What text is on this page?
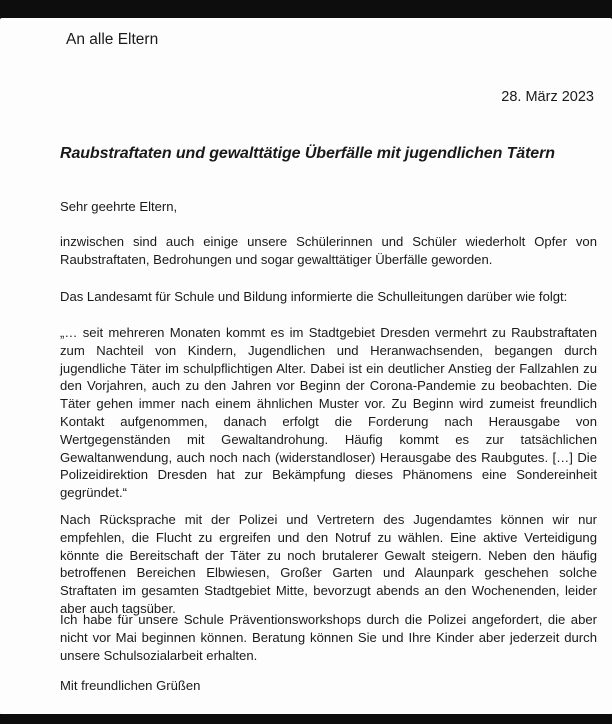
An alle Eltern
28. März 2023
Raubstraftaten und gewalttätige Überfälle mit jugendlichen Tätern

Sehr geehrte Eltern,

inzwischen sind auch einige unsere Schülerinnen und Schüler wiederholt Opfer von Raubstraftaten, Bedrohungen und sogar gewalttätiger Überfälle geworden.

Das Landesamt für Schule und Bildung informierte die Schulleitungen darüber wie folgt:

„… seit mehreren Monaten kommt es im Stadtgebiet Dresden vermehrt zu Raubstraftaten zum Nachteil von Kindern, Jugendlichen und Heranwachsenden, begangen durch jugendliche Täter im schulpflichtigen Alter. Dabei ist ein deutlicher Anstieg der Fallzahlen zu den Vorjahren, auch zu den Jahren vor Beginn der Corona-Pandemie zu beobachten. Die Täter gehen immer nach einem ähnlichen Muster vor. Zu Beginn wird zumeist freundlich Kontakt aufgenommen, danach erfolgt die Forderung nach Herausgabe von Wertgegenständen mit Gewaltandrohung. Häufig kommt es zur tatsächlichen Gewaltanwendung, auch noch nach (widerstandloser) Herausgabe des Raubgutes. […] Die Polizeidirektion Dresden hat zur Bekämpfung dieses Phänomens eine Sondereinheit gegründet.“

Nach Rücksprache mit der Polizei und Vertretern des Jugendamtes können wir nur empfehlen, die Flucht zu ergreifen und den Notruf zu wählen. Eine aktive Verteidigung könnte die Bereitschaft der Täter zu noch brutalerer Gewalt steigern. Neben den häufig betroffenen Bereichen Elbwiesen, Großer Garten und Alaunpark geschehen solche Straftaten im gesamten Stadtgebiet Mitte, bevorzugt abends an den Wochenenden, leider aber auch tagsüber.

Ich habe für unsere Schule Präventionsworkshops durch die Polizei angefordert, die aber nicht vor Mai beginnen können. Beratung können Sie und Ihre Kinder aber jederzeit durch unsere Schulsozialarbeit erhalten.

Mit freundlichen Grüßen
